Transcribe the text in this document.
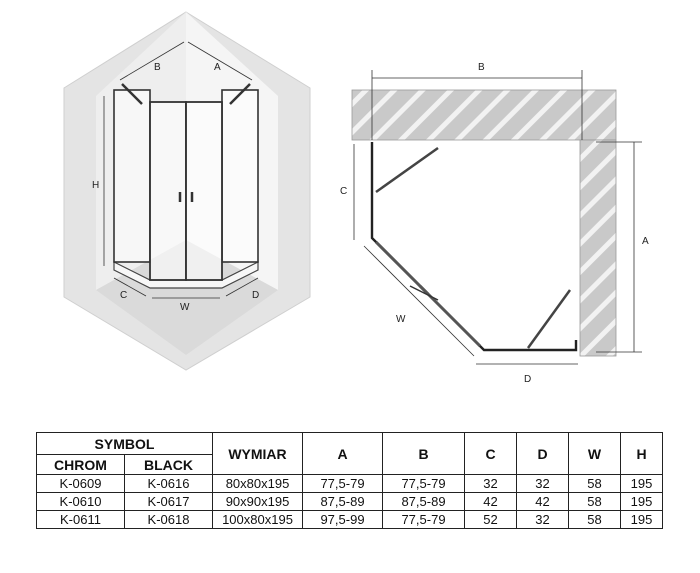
B	A
H
C
W
D
B
A
C
W
D
SYMBOL		WYMIAR	A	B	C	D	W	H
CHROM	BLACK							
K-0609	K-0616	80x80x195	77,5-79	77,5-79	32	32	58	195
K-0610	K-0617	90x90x195	87,5-89	87,5-89	42	42	58	195
K-0611	K-0618	100x80x195	97,5-99	77,5-79	52	32	58	195
